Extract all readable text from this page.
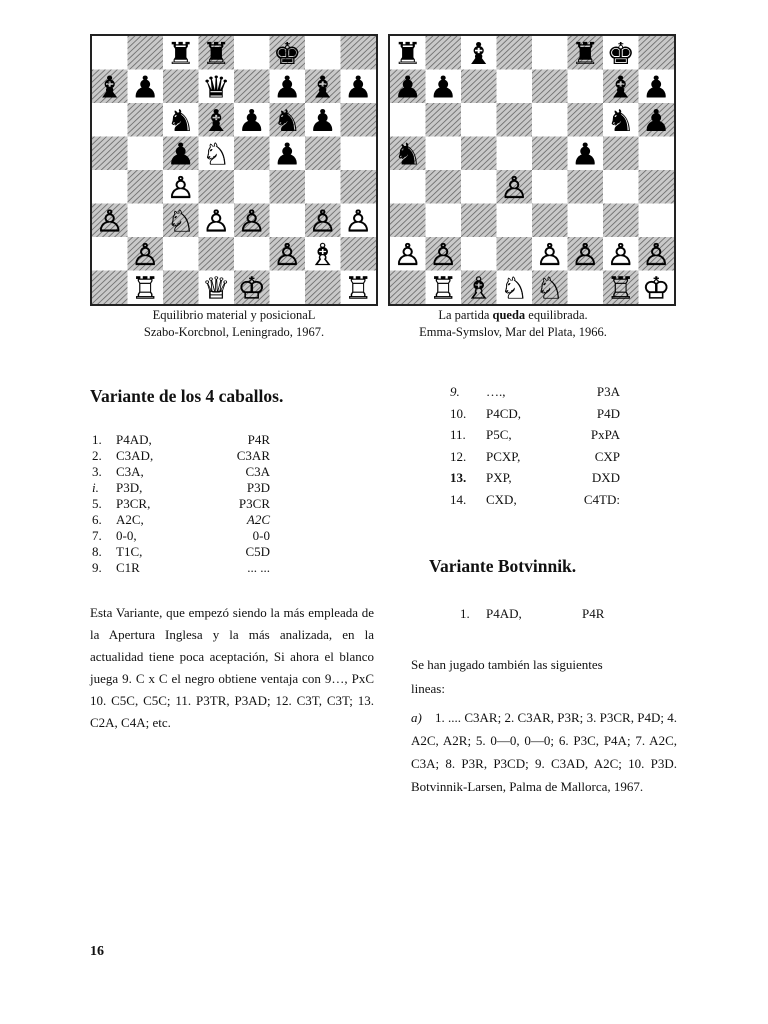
Equilibrio material y posicionaL
Szabo-Korcbnol, Leningrado, 1967.
La partida queda equilibrada.
Emma-Symslov, Mar del Plata, 1966.
Variante de los 4 caballos.
1. P4AD,	P4R
2. C3AD,	C3AR
3. C3A,	C3A
i. P3D,	P3D
5. P3CR,	P3CR
6. A2C,	A2C
7. 0-0,	0-0
8. T1C,	C5D
9. C1R	... ...
Esta Variante, que empezó siendo la más empleada de la Apertura Inglesa y la más analizada, en la actualidad tiene poca aceptación, Si ahora el blanco juega 9. C x C el negro obtiene ventaja con 9…, PxC 10. C5C, C5C; 11. P3TR, P3AD; 12. C3T, C3T; 13. C2A, C4A; etc.
9. ….,	P3A
10. P4CD,	P4D
11. P5C,	PxPA
12. PCXP,	CXP
13. PXP,	DXD
14. CXD,	C4TD:
Variante Botvinnik.
1. P4AD,	P4R
Se han jugado también las siguientes
lineas:
a) 1. .... C3AR; 2. C3AR, P3R; 3. P3CR, P4D; 4. A2C, A2R; 5. 0—0, 0—0; 6. P3C, P4A; 7. A2C, C3A; 8. P3R, P3CD; 9. C3AD, A2C; 10. P3D. Botvinnik-Larsen, Palma de Mallorca, 1967.
16
